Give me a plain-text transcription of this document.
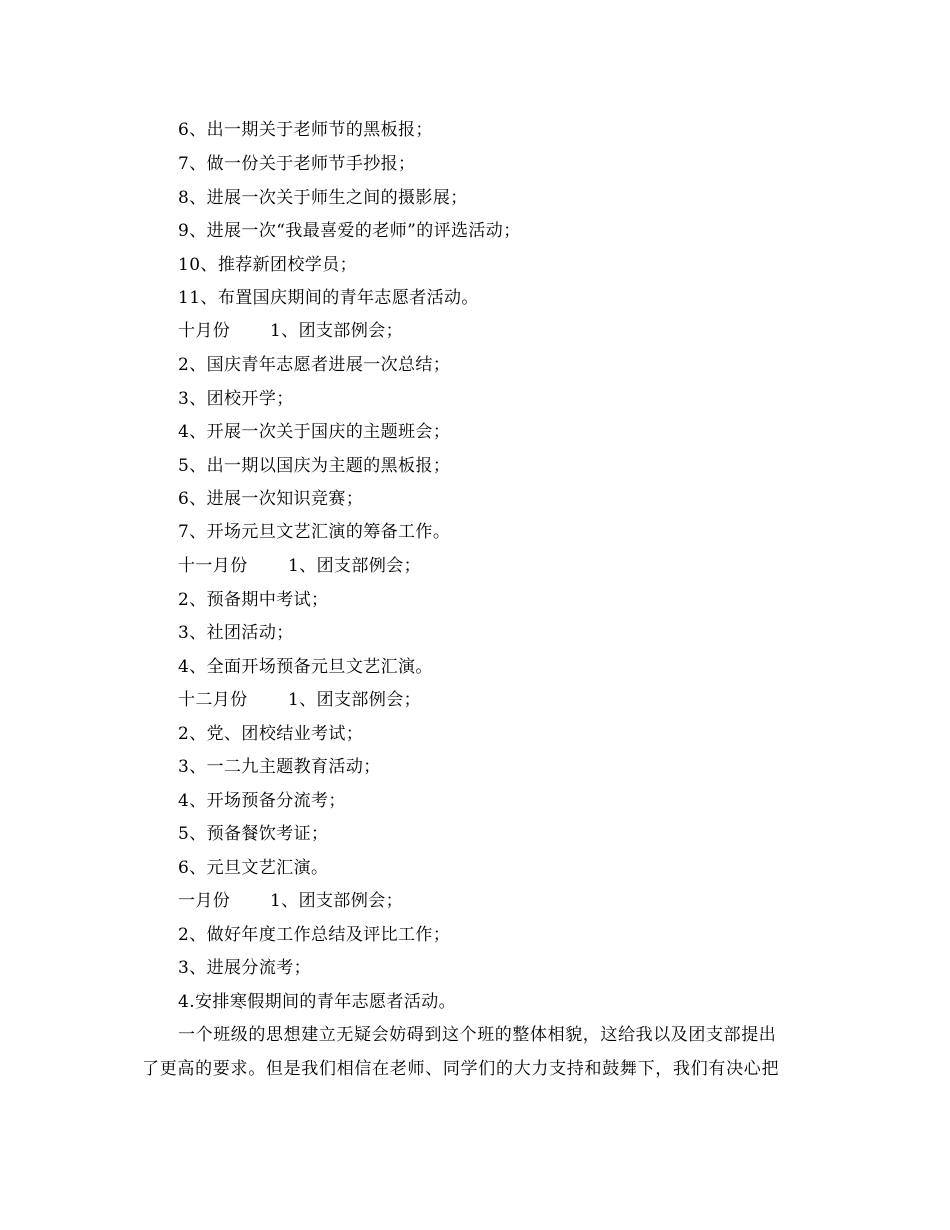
6、出一期关于老师节的黑板报；
7、做一份关于老师节手抄报；
8、进展一次关于师生之间的摄影展；
9、进展一次“我最喜爱的老师”的评选活动；
10、推荐新团校学员；
11、布置国庆期间的青年志愿者活动。
十月份 1、团支部例会；
2、国庆青年志愿者进展一次总结；
3、团校开学；
4、开展一次关于国庆的主题班会；
5、出一期以国庆为主题的黑板报；
6、进展一次知识竞赛；
7、开场元旦文艺汇演的筹备工作。
十一月份 1、团支部例会；
2、预备期中考试；
3、社团活动；
4、全面开场预备元旦文艺汇演。
十二月份 1、团支部例会；
2、党、团校结业考试；
3、一二九主题教育活动；
4、开场预备分流考；
5、预备餐饮考证；
6、元旦文艺汇演。
一月份 1、团支部例会；
2、做好年度工作总结及评比工作；
3、进展分流考；
4.安排寒假期间的青年志愿者活动。
一个班级的思想建立无疑会妨碍到这个班的整体相貌，这给我以及团支部提出
了更高的要求。但是我们相信在老师、同学们的大力支持和鼓舞下，我们有决心把
